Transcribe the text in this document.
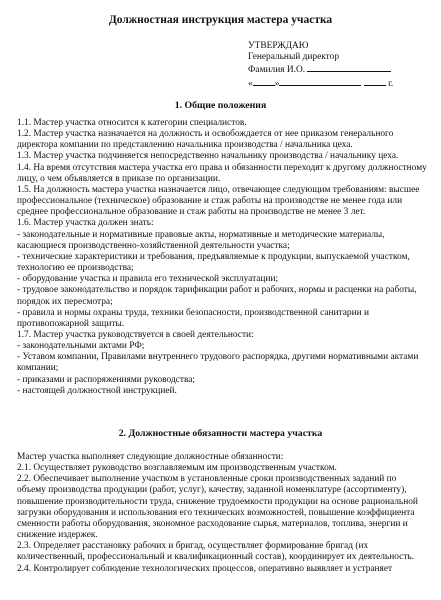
Должностная инструкция мастера участка
УТВЕРЖДАЮ
Генеральный директор
Фамилия И.О.
« »	г.
1. Общие положения

1.1. Мастер участка относится к категории специалистов.

1.2. Мастер участка назначается на должность и освобождается от нее приказом генерального директора компании по представлению начальника производства / начальника цеха.

1.3. Мастер участка подчиняется непосредственно начальнику производства / начальнику цеха.

1.4. На время отсутствия мастера участка его права и обязанности переходят к другому должностному лицу, о чем объявляется в приказе по организации.

1.5. На должность мастера участка назначается лицо, отвечающее следующим требованиям: высшее профессиональное (техническое) образование и стаж работы на производстве не менее года или среднее профессиональное образование и стаж работы на производстве не менее 3 лет.

1.6. Мастер участка должен знать:

- законодательные и нормативные правовые акты, нормативные и методические материалы, касающиеся производственно-хозяйственной деятельности участка;

- технические характеристики и требования, предъявляемые к продукции, выпускаемой участком, технологию ее производства;

- оборудование участка и правила его технической эксплуатации;

- трудовое законодательство и порядок тарификации работ и рабочих, нормы и расценки на работы, порядок их пересмотра;

- правила и нормы охраны труда, техники безопасности, производственной санитарии и противопожарной защиты.

1.7. Мастер участка руководствуется в своей деятельности:

- законодательными актами РФ;

- Уставом компании, Правилами внутреннего трудового распорядка, другими нормативными актами компании;

- приказами и распоряжениями руководства;

- настоящей должностной инструкцией.

2. Должностные обязанности мастера участка

Мастер участка выполняет следующие должностные обязанности:

2.1. Осуществляет руководство возглавляемым им производственным участком.

2.2. Обеспечивает выполнение участком в установленные сроки производственных заданий по объему производства продукции (работ, услуг), качеству, заданной номенклатуре (ассортименту), повышение производительности труда, снижение трудоемкости продукции на основе рациональной загрузки оборудования и использования его технических возможностей, повышение коэффициента сменности работы оборудования, экономное расходование сырья, материалов, топлива, энергии и снижение издержек.

2.3. Определяет расстановку рабочих и бригад, осуществляет формирование бригад (их количественный, профессиональный и квалификационный состав), координирует их деятельность.

2.4. Контролирует соблюдение технологических процессов, оперативно выявляет и устраняет
